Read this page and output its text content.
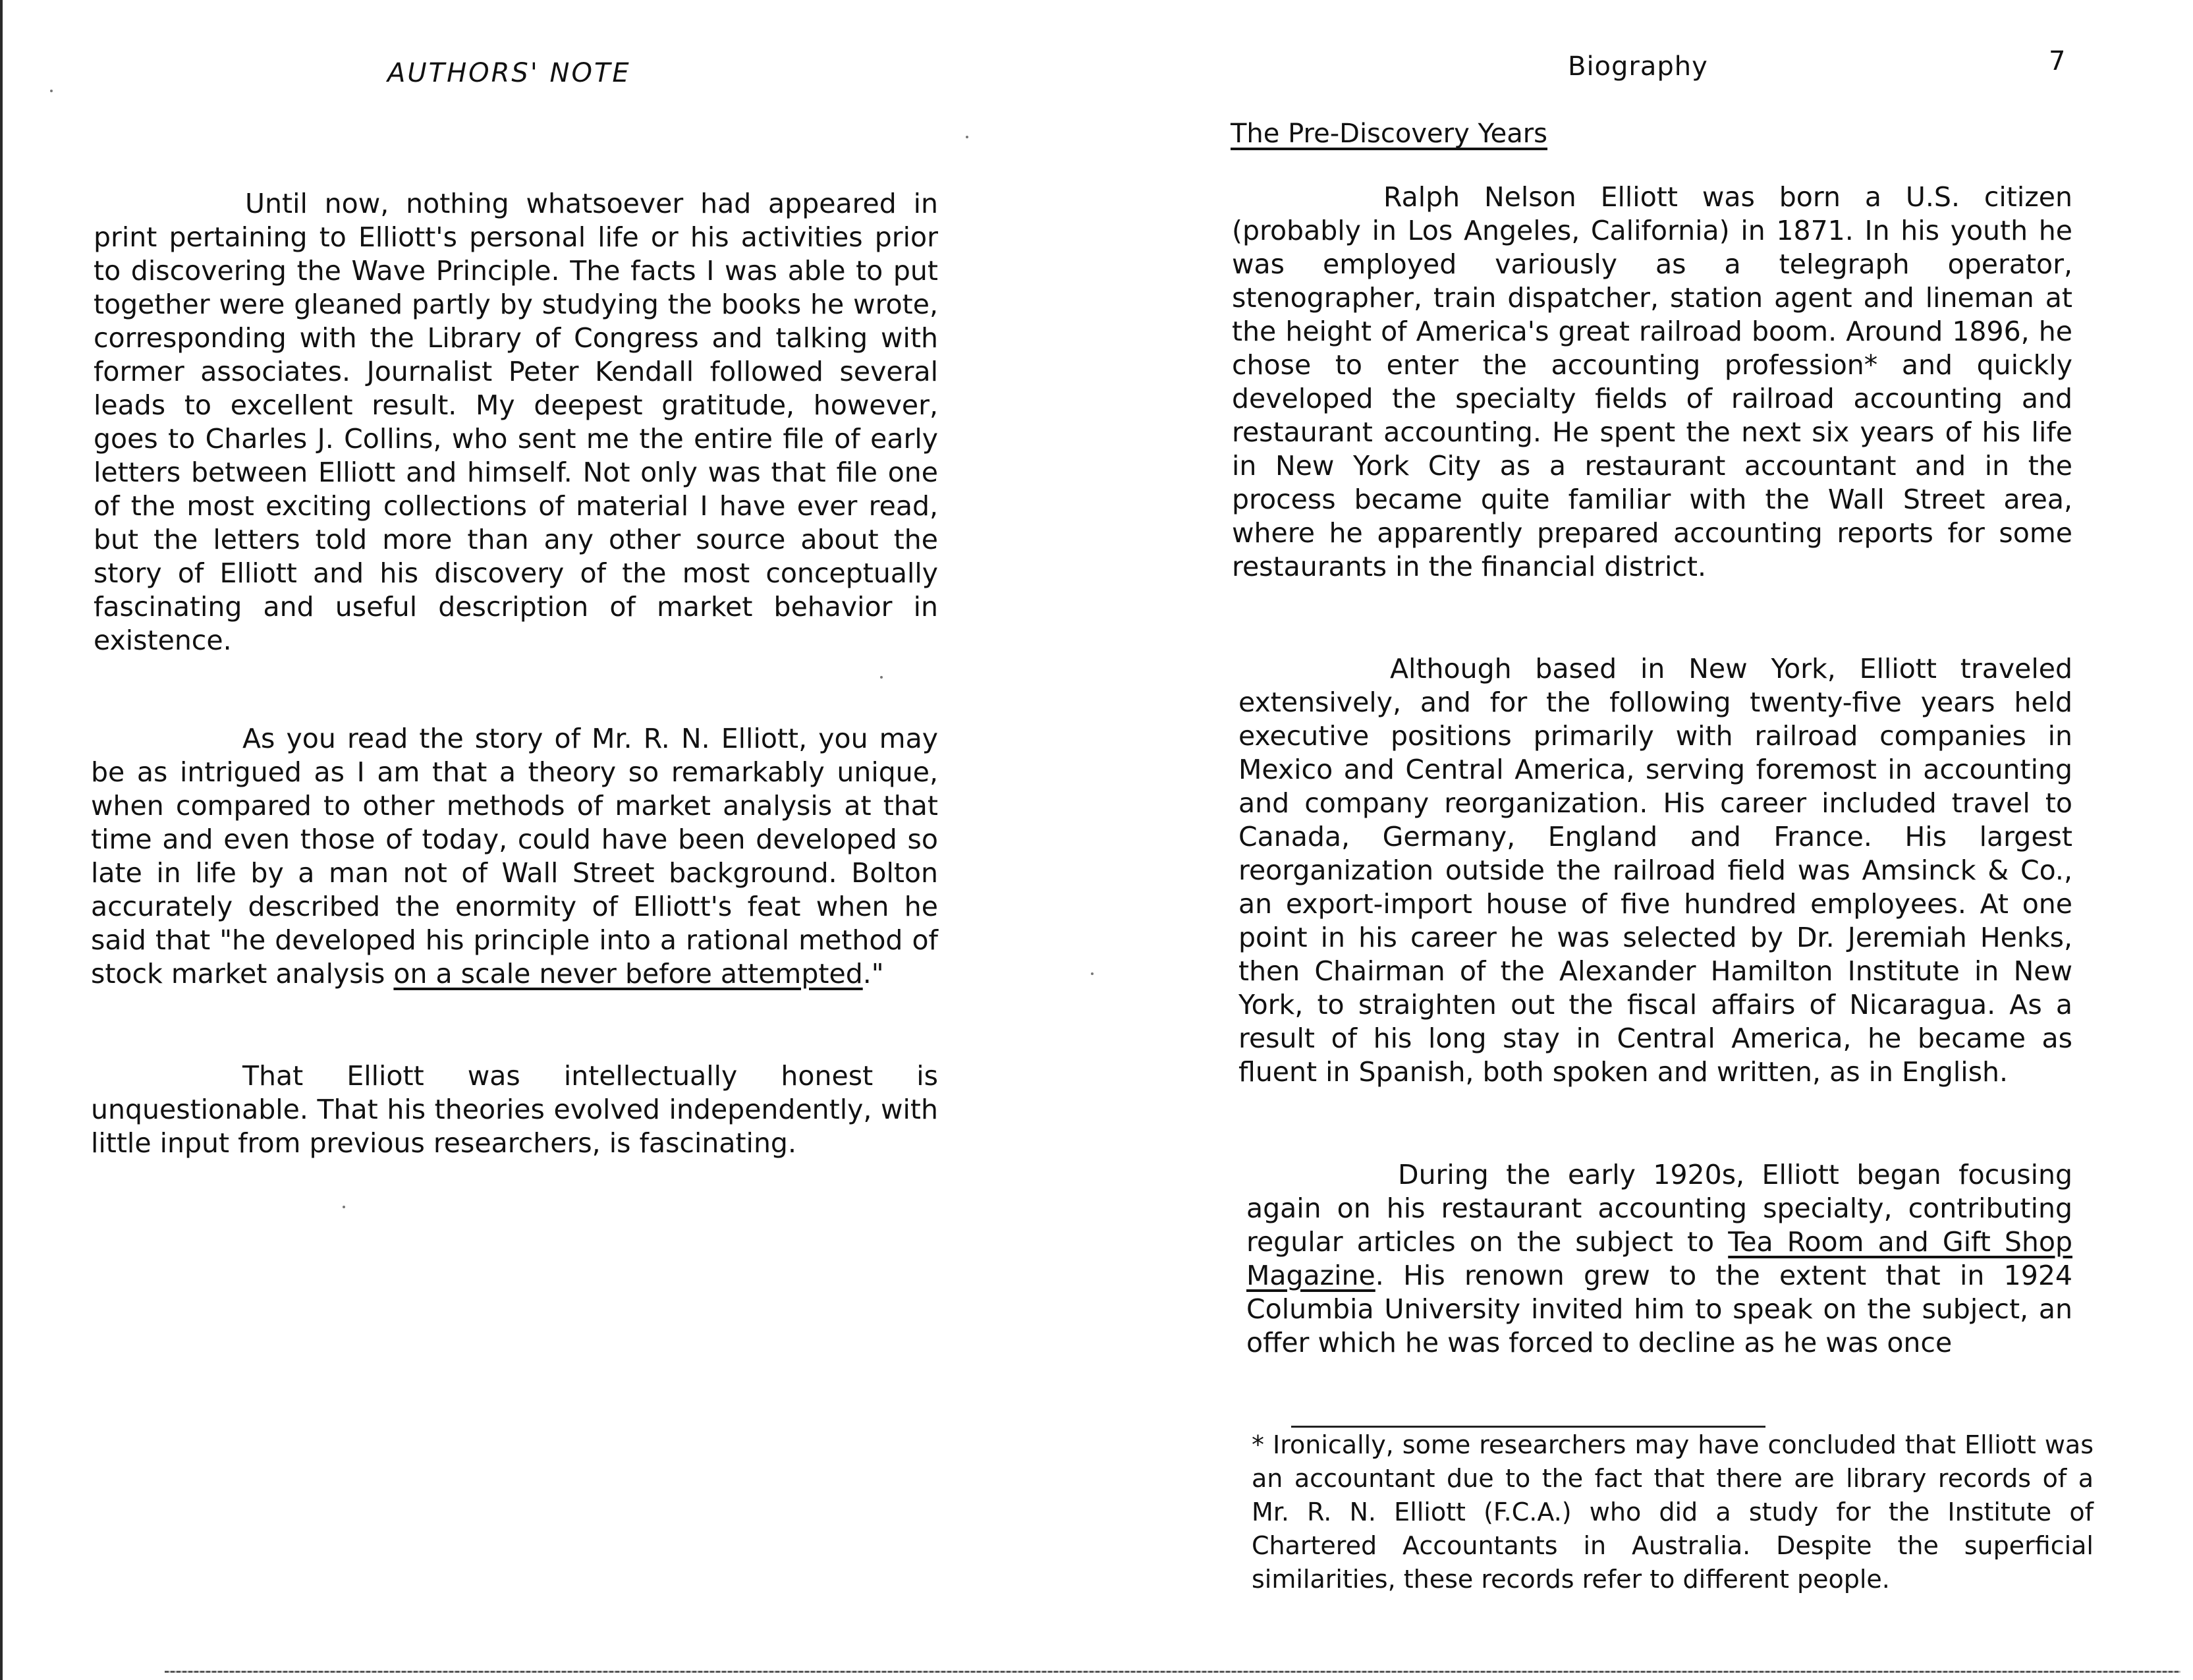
AUTHORS' NOTE

Until now, nothing whatsoever had appeared in print pertaining to Elliott's personal life or his activities prior to discovering the Wave Principle. The facts I was able to put together were gleaned partly by studying the books he wrote, corresponding with the Library of Congress and talking with former associates. Journalist Peter Kendall followed several leads to excellent result. My deepest gratitude, however, goes to Charles J. Collins, who sent me the entire file of early letters between Elliott and himself. Not only was that file one of the most exciting collections of material I have ever read, but the letters told more than any other source about the story of Elliott and his discovery of the most conceptually fascinating and useful description of market behavior in existence.

As you read the story of Mr. R. N. Elliott, you may be as intrigued as I am that a theory so remarkably unique, when compared to other methods of market analysis at that time and even those of today, could have been developed so late in life by a man not of Wall Street background. Bolton accurately described the enormity of Elliott's feat when he said that "he developed his principle into a rational method of stock market analysis on a scale never before attempted."

That Elliott was intellectually honest is unquestionable. That his theories evolved independently, with little input from previous researchers, is fascinating.

Biography	7
The Pre-Discovery Years

Ralph Nelson Elliott was born a U.S. citizen (probably in Los Angeles, California) in 1871. In his youth he was employed variously as a telegraph operator, stenographer, train dispatcher, station agent and lineman at the height of America's great railroad boom. Around 1896, he chose to enter the accounting profession* and quickly developed the specialty fields of railroad accounting and restaurant accounting. He spent the next six years of his life in New York City as a restaurant accountant and in the process became quite familiar with the Wall Street area, where he apparently prepared accounting reports for some restaurants in the financial district.

Although based in New York, Elliott traveled extensively, and for the following twenty-five years held executive positions primarily with railroad companies in Mexico and Central America, serving foremost in accounting and company reorganization. His career included travel to Canada, Germany, England and France. His largest reorganization outside the railroad field was Amsinck & Co., an export-import house of five hundred employees. At one point in his career he was selected by Dr. Jeremiah Henks, then Chairman of the Alexander Hamilton Institute in New York, to straighten out the fiscal affairs of Nicaragua. As a result of his long stay in Central America, he became as fluent in Spanish, both spoken and written, as in English.

During the early 1920s, Elliott began focusing again on his restaurant accounting specialty, contributing regular articles on the subject to Tea Room and Gift Shop Magazine. His renown grew to the extent that in 1924 Columbia University invited him to speak on the subject, an offer which he was forced to decline as he was once

* Ironically, some researchers may have concluded that Elliott was an accountant due to the fact that there are library records of a Mr. R. N. Elliott (F.C.A.) who did a study for the Institute of Chartered Accountants in Australia. Despite the superficial similarities, these records refer to different people.
